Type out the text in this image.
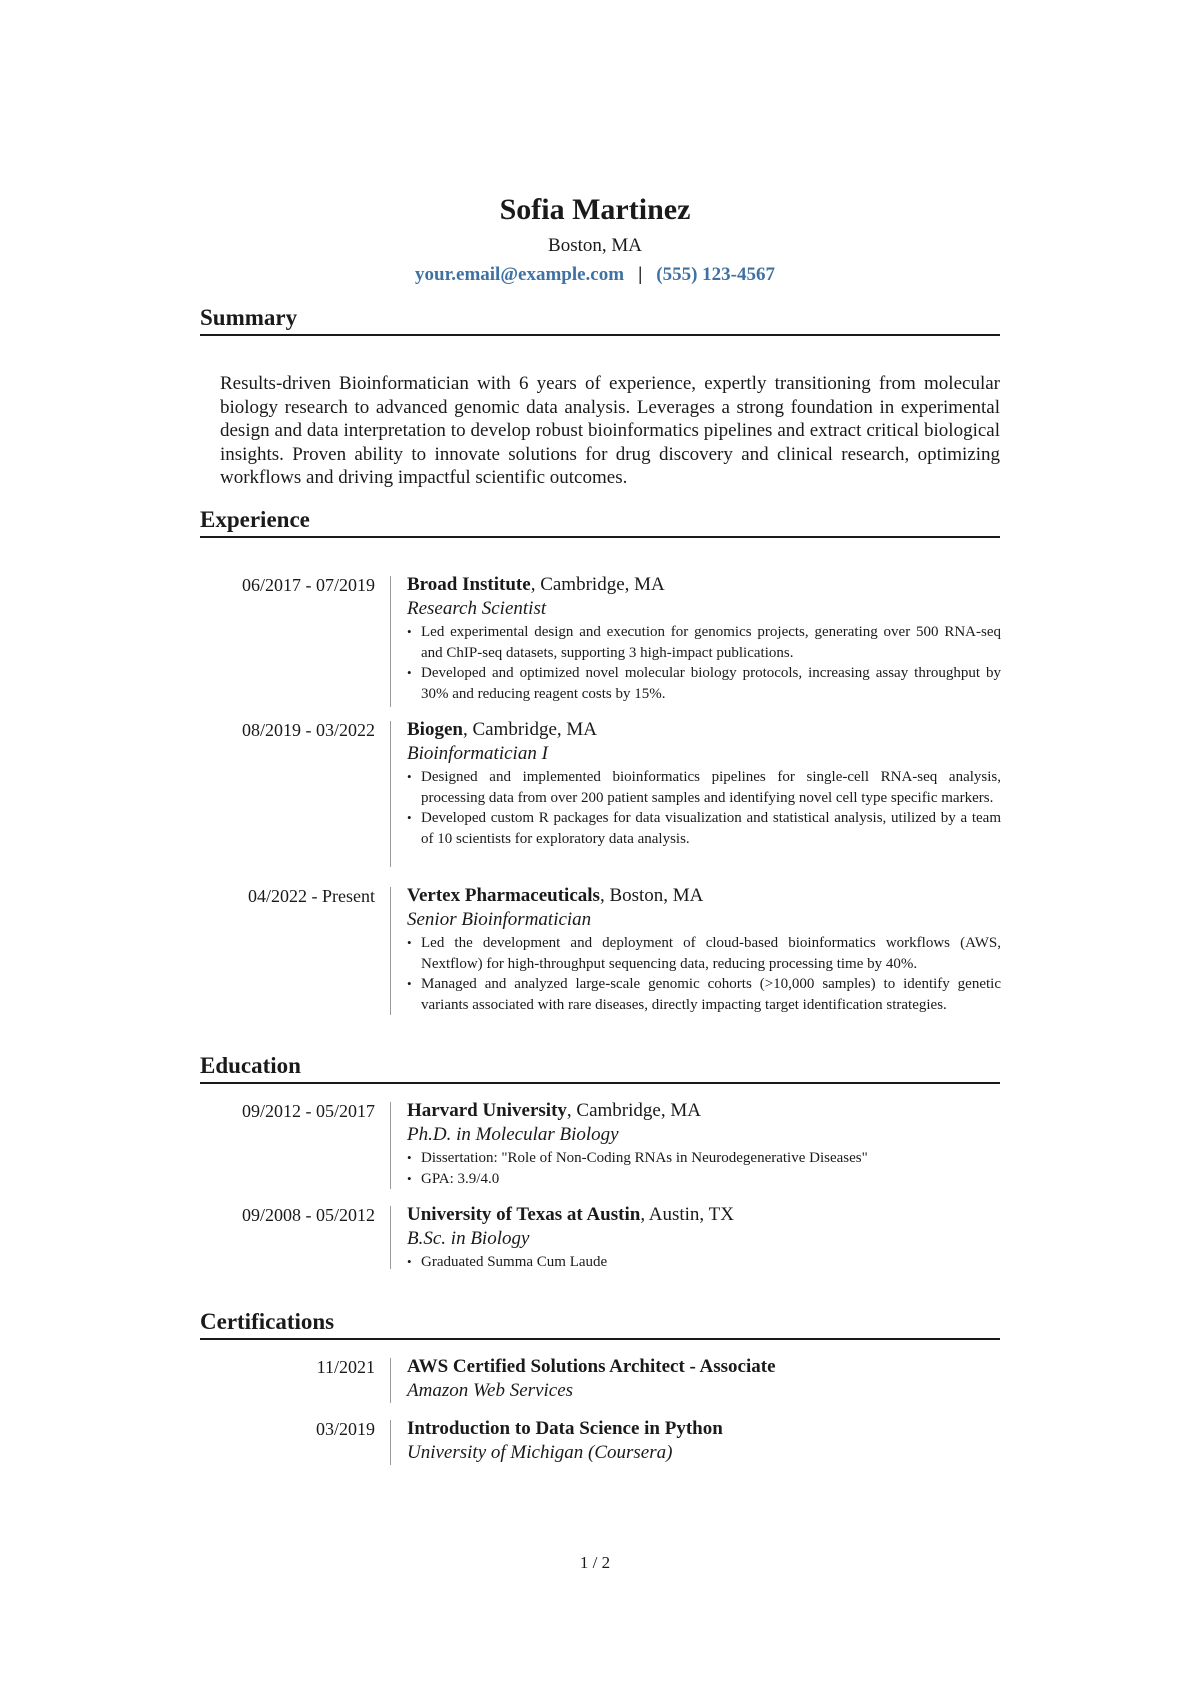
Sofia Martinez
Boston, MA
your.email@example.com | (555) 123-4567
Summary
Results-driven Bioinformatician with 6 years of experience, expertly transitioning from molecular biology research to advanced genomic data analysis. Leverages a strong foundation in experimental design and data interpretation to develop robust bioinformatics pipelines and extract critical biological insights. Proven ability to innovate solutions for drug discovery and clinical research, optimizing workflows and driving impactful scientific outcomes.
Experience
06/2017 - 07/2019 Broad Institute, Cambridge, MA
Research Scientist
• Led experimental design and execution for genomics projects, generating over 500 RNA-seq and ChIP-seq datasets, supporting 3 high-impact publications.
• Developed and optimized novel molecular biology protocols, increasing assay throughput by 30% and reducing reagent costs by 15%.
08/2019 - 03/2022 Biogen, Cambridge, MA
Bioinformatician I
• Designed and implemented bioinformatics pipelines for single-cell RNA-seq analysis, processing data from over 200 patient samples and identifying novel cell type specific markers.
• Developed custom R packages for data visualization and statistical analysis, utilized by a team of 10 scientists for exploratory data analysis.
04/2022 - Present Vertex Pharmaceuticals, Boston, MA
Senior Bioinformatician
• Led the development and deployment of cloud-based bioinformatics workflows (AWS, Nextflow) for high-throughput sequencing data, reducing processing time by 40%.
• Managed and analyzed large-scale genomic cohorts (>10,000 samples) to identify genetic variants associated with rare diseases, directly impacting target identification strategies.
Education
09/2012 - 05/2017 Harvard University, Cambridge, MA
Ph.D. in Molecular Biology
• Dissertation: "Role of Non-Coding RNAs in Neurodegenerative Diseases"
• GPA: 3.9/4.0
09/2008 - 05/2012 University of Texas at Austin, Austin, TX
B.Sc. in Biology
• Graduated Summa Cum Laude
Certifications
11/2021 AWS Certified Solutions Architect - Associate
Amazon Web Services
03/2019 Introduction to Data Science in Python
University of Michigan (Coursera)
1 / 2
